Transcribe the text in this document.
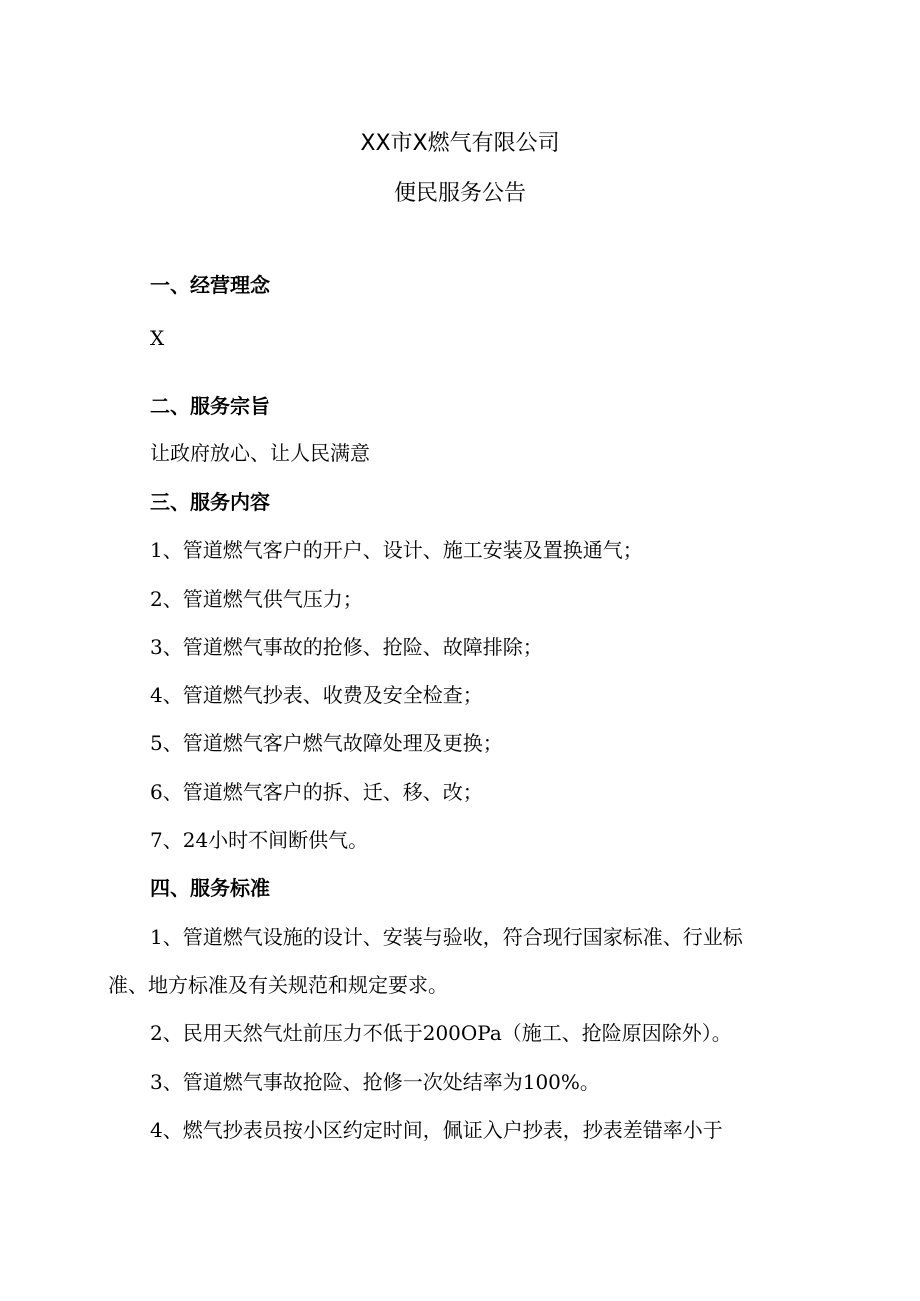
XX市X燃气有限公司
便民服务公告
一、经营理念
X
二、服务宗旨
让政府放心、让人民满意
三、服务内容
1、管道燃气客户的开户、设计、施工安装及置换通气；
2、管道燃气供气压力；
3、管道燃气事故的抢修、抢险、故障排除；
4、管道燃气抄表、收费及安全检查；
5、管道燃气客户燃气故障处理及更换；
6、管道燃气客户的拆、迁、移、改；
7、24小时不间断供气。
四、服务标准
1、管道燃气设施的设计、安装与验收，符合现行国家标准、行业标
准、地方标准及有关规范和规定要求。
2、民用天然气灶前压力不低于200OPa（施工、抢险原因除外）。
3、管道燃气事故抢险、抢修一次处结率为100%。
4、燃气抄表员按小区约定时间，佩证入户抄表，抄表差错率小于
